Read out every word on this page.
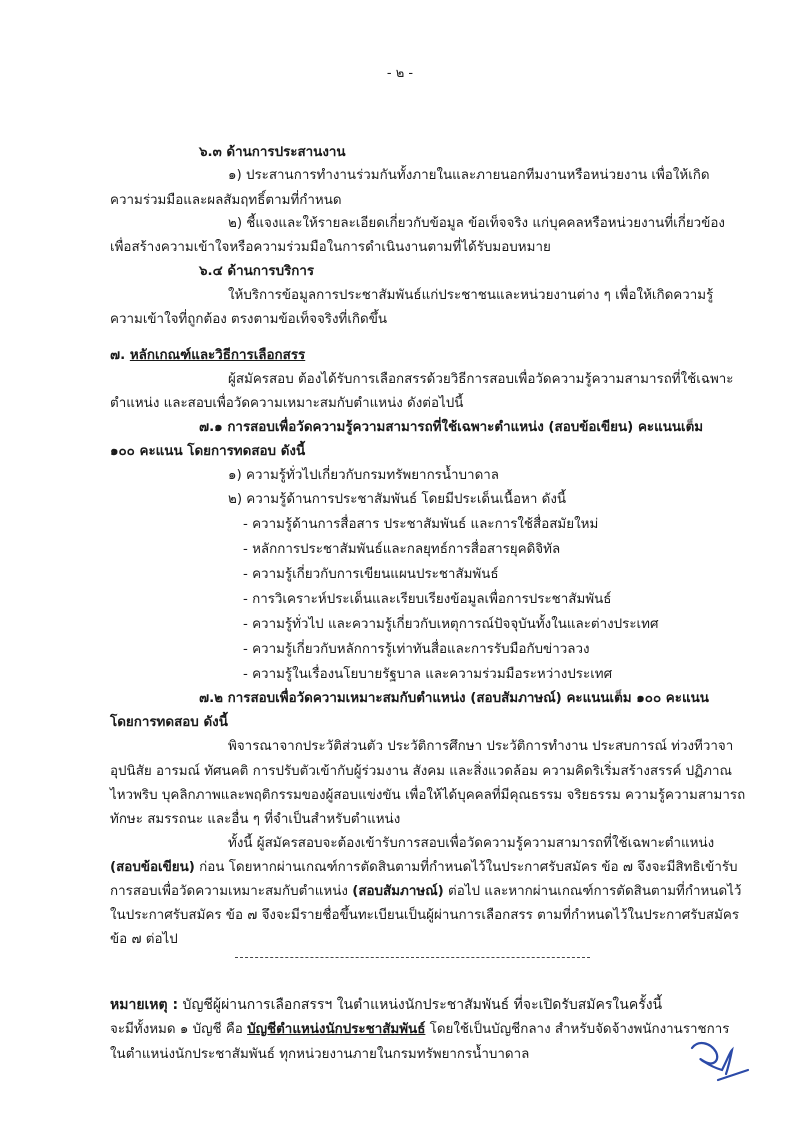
- ๒ -
๖.๓ ด้านการประสานงาน
๑) ประสานการทำงานร่วมกันทั้งภายในและภายนอกทีมงานหรือหน่วยงาน เพื่อให้เกิด
ความร่วมมือและผลสัมฤทธิ์ตามที่กำหนด
๒) ชี้แจงและให้รายละเอียดเกี่ยวกับข้อมูล ข้อเท็จจริง แก่บุคคลหรือหน่วยงานที่เกี่ยวข้อง
เพื่อสร้างความเข้าใจหรือความร่วมมือในการดำเนินงานตามที่ได้รับมอบหมาย
๖.๔ ด้านการบริการ
ให้บริการข้อมูลการประชาสัมพันธ์แก่ประชาชนและหน่วยงานต่าง ๆ เพื่อให้เกิดความรู้
ความเข้าใจที่ถูกต้อง ตรงตามข้อเท็จจริงที่เกิดขึ้น
๗. หลักเกณฑ์และวิธีการเลือกสรร
ผู้สมัครสอบ ต้องได้รับการเลือกสรรด้วยวิธีการสอบเพื่อวัดความรู้ความสามารถที่ใช้เฉพาะ
ตำแหน่ง และสอบเพื่อวัดความเหมาะสมกับตำแหน่ง ดังต่อไปนี้
๗.๑ การสอบเพื่อวัดความรู้ความสามารถที่ใช้เฉพาะตำแหน่ง (สอบข้อเขียน) คะแนนเต็ม
๑๐๐ คะแนน โดยการทดสอบ ดังนี้
๑) ความรู้ทั่วไปเกี่ยวกับกรมทรัพยากรน้ำบาดาล
๒) ความรู้ด้านการประชาสัมพันธ์ โดยมีประเด็นเนื้อหา ดังนี้
- ความรู้ด้านการสื่อสาร ประชาสัมพันธ์ และการใช้สื่อสมัยใหม่
- หลักการประชาสัมพันธ์และกลยุทธ์การสื่อสารยุคดิจิทัล
- ความรู้เกี่ยวกับการเขียนแผนประชาสัมพันธ์
- การวิเคราะห์ประเด็นและเรียบเรียงข้อมูลเพื่อการประชาสัมพันธ์
- ความรู้ทั่วไป และความรู้เกี่ยวกับเหตุการณ์ปัจจุบันทั้งในและต่างประเทศ
- ความรู้เกี่ยวกับหลักการรู้เท่าทันสื่อและการรับมือกับข่าวลวง
- ความรู้ในเรื่องนโยบายรัฐบาล และความร่วมมือระหว่างประเทศ
๗.๒ การสอบเพื่อวัดความเหมาะสมกับตำแหน่ง (สอบสัมภาษณ์) คะแนนเต็ม ๑๐๐ คะแนน
โดยการทดสอบ ดังนี้
พิจารณาจากประวัติส่วนตัว ประวัติการศึกษา ประวัติการทำงาน ประสบการณ์ ท่วงทีวาจา
อุปนิสัย อารมณ์ ทัศนคติ การปรับตัวเข้ากับผู้ร่วมงาน สังคม และสิ่งแวดล้อม ความคิดริเริ่มสร้างสรรค์ ปฏิภาณ
ไหวพริบ บุคลิกภาพและพฤติกรรมของผู้สอบแข่งขัน เพื่อให้ได้บุคคลที่มีคุณธรรม จริยธรรม ความรู้ความสามารถ
ทักษะ สมรรถนะ และอื่น ๆ ที่จำเป็นสำหรับตำแหน่ง
ทั้งนี้ ผู้สมัครสอบจะต้องเข้ารับการสอบเพื่อวัดความรู้ความสามารถที่ใช้เฉพาะตำแหน่ง
(สอบข้อเขียน) ก่อน โดยหากผ่านเกณฑ์การตัดสินตามที่กำหนดไว้ในประกาศรับสมัคร ข้อ ๗ จึงจะมีสิทธิเข้ารับ
การสอบเพื่อวัดความเหมาะสมกับตำแหน่ง (สอบสัมภาษณ์) ต่อไป และหากผ่านเกณฑ์การตัดสินตามที่กำหนดไว้
ในประกาศรับสมัคร ข้อ ๗ จึงจะมีรายชื่อขึ้นทะเบียนเป็นผู้ผ่านการเลือกสรร ตามที่กำหนดไว้ในประกาศรับสมัคร
ข้อ ๗ ต่อไป
หมายเหตุ : บัญชีผู้ผ่านการเลือกสรรฯ ในตำแหน่งนักประชาสัมพันธ์ ที่จะเปิดรับสมัครในครั้งนี้
จะมีทั้งหมด ๑ บัญชี คือ บัญชีตำแหน่งนักประชาสัมพันธ์ โดยใช้เป็นบัญชีกลาง สำหรับจัดจ้างพนักงานราชการ
ในตำแหน่งนักประชาสัมพันธ์ ทุกหน่วยงานภายในกรมทรัพยากรน้ำบาดาล
